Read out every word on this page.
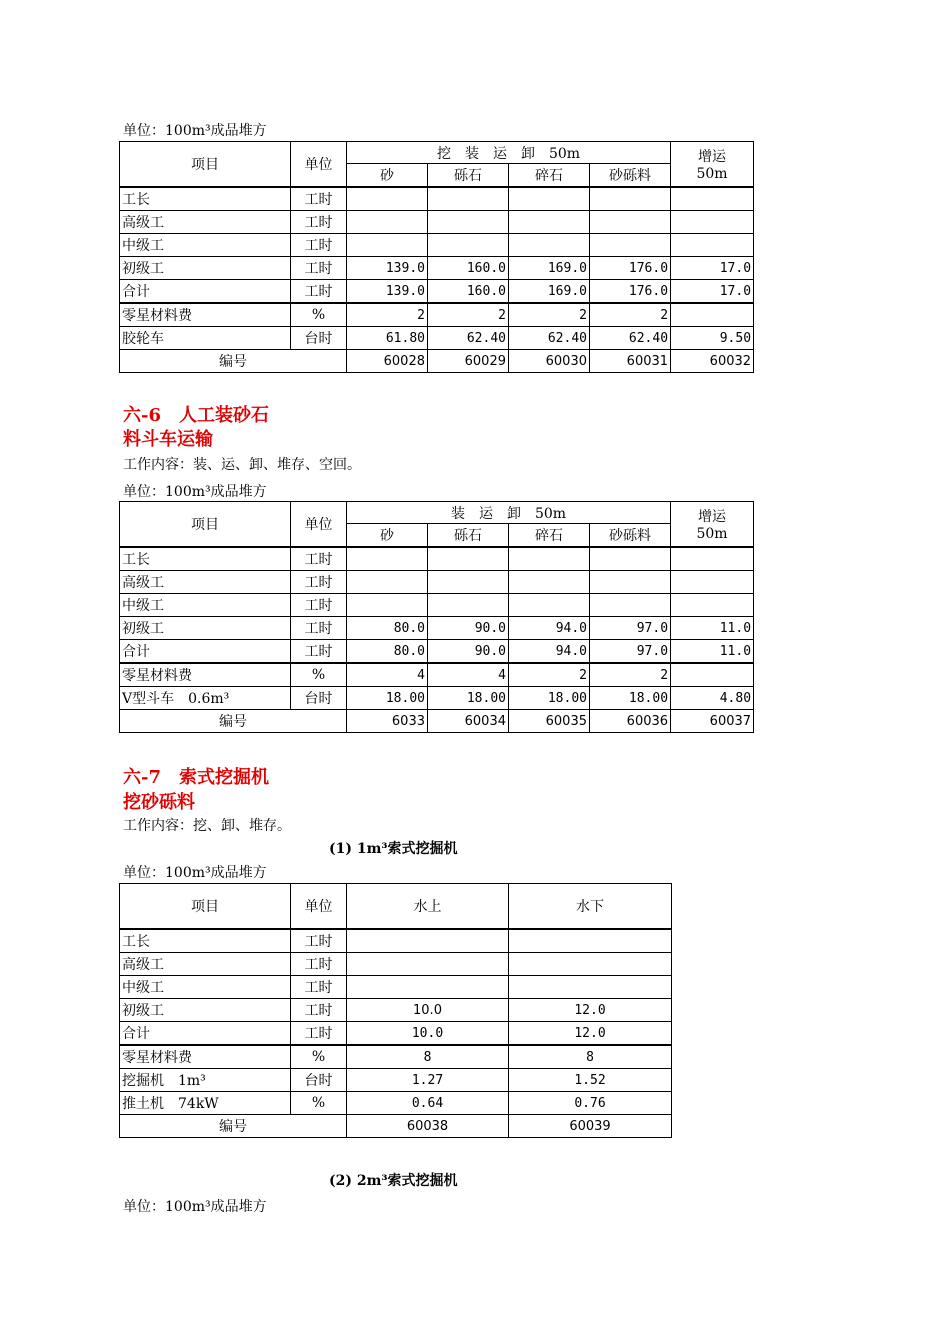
单位：100m³成品堆方
项目	单位	挖　装　运　卸　50m				增运
50m
		砂	砾石	碎石	砂砾料	
工长	工时					
高级工	工时					
中级工	工时					
初级工	工时	139.0	160.0	169.0	176.0	17.0
合计	工时	139.0	160.0	169.0	176.0	17.0
零星材料费	%	2	2	2	2	
胶轮车	台时	61.80	62.40	62.40	62.40	9.50
编号		60028	60029	60030	60031	60032
六-6　人工装砂石
料斗车运输
工作内容：装、运、卸、堆存、空回。
单位：100m³成品堆方
项目	单位	装　运　卸　50m				增运
50m
		砂	砾石	碎石	砂砾料	
工长	工时					
高级工	工时					
中级工	工时					
初级工	工时	80.0	90.0	94.0	97.0	11.0
合计	工时	80.0	90.0	94.0	97.0	11.0
零星材料费	%	4	4	2	2	
V型斗车　0.6m³	台时	18.00	18.00	18.00	18.00	4.80
编号		6033	60034	60035	60036	60037
六-7　索式挖掘机
挖砂砾料
工作内容：挖、卸、堆存。
(1) 1m³索式挖掘机
单位：100m³成品堆方
项目	单位	水上	水下
工长	工时		
高级工	工时		
中级工	工时		
初级工	工时	10.0	12.0
合计	工时	10.0	12.0
零星材料费	%	8	8
挖掘机　1m³	台时	1.27	1.52
推土机　74kW	%	0.64	0.76
编号		60038	60039
(2) 2m³索式挖掘机
单位：100m³成品堆方
